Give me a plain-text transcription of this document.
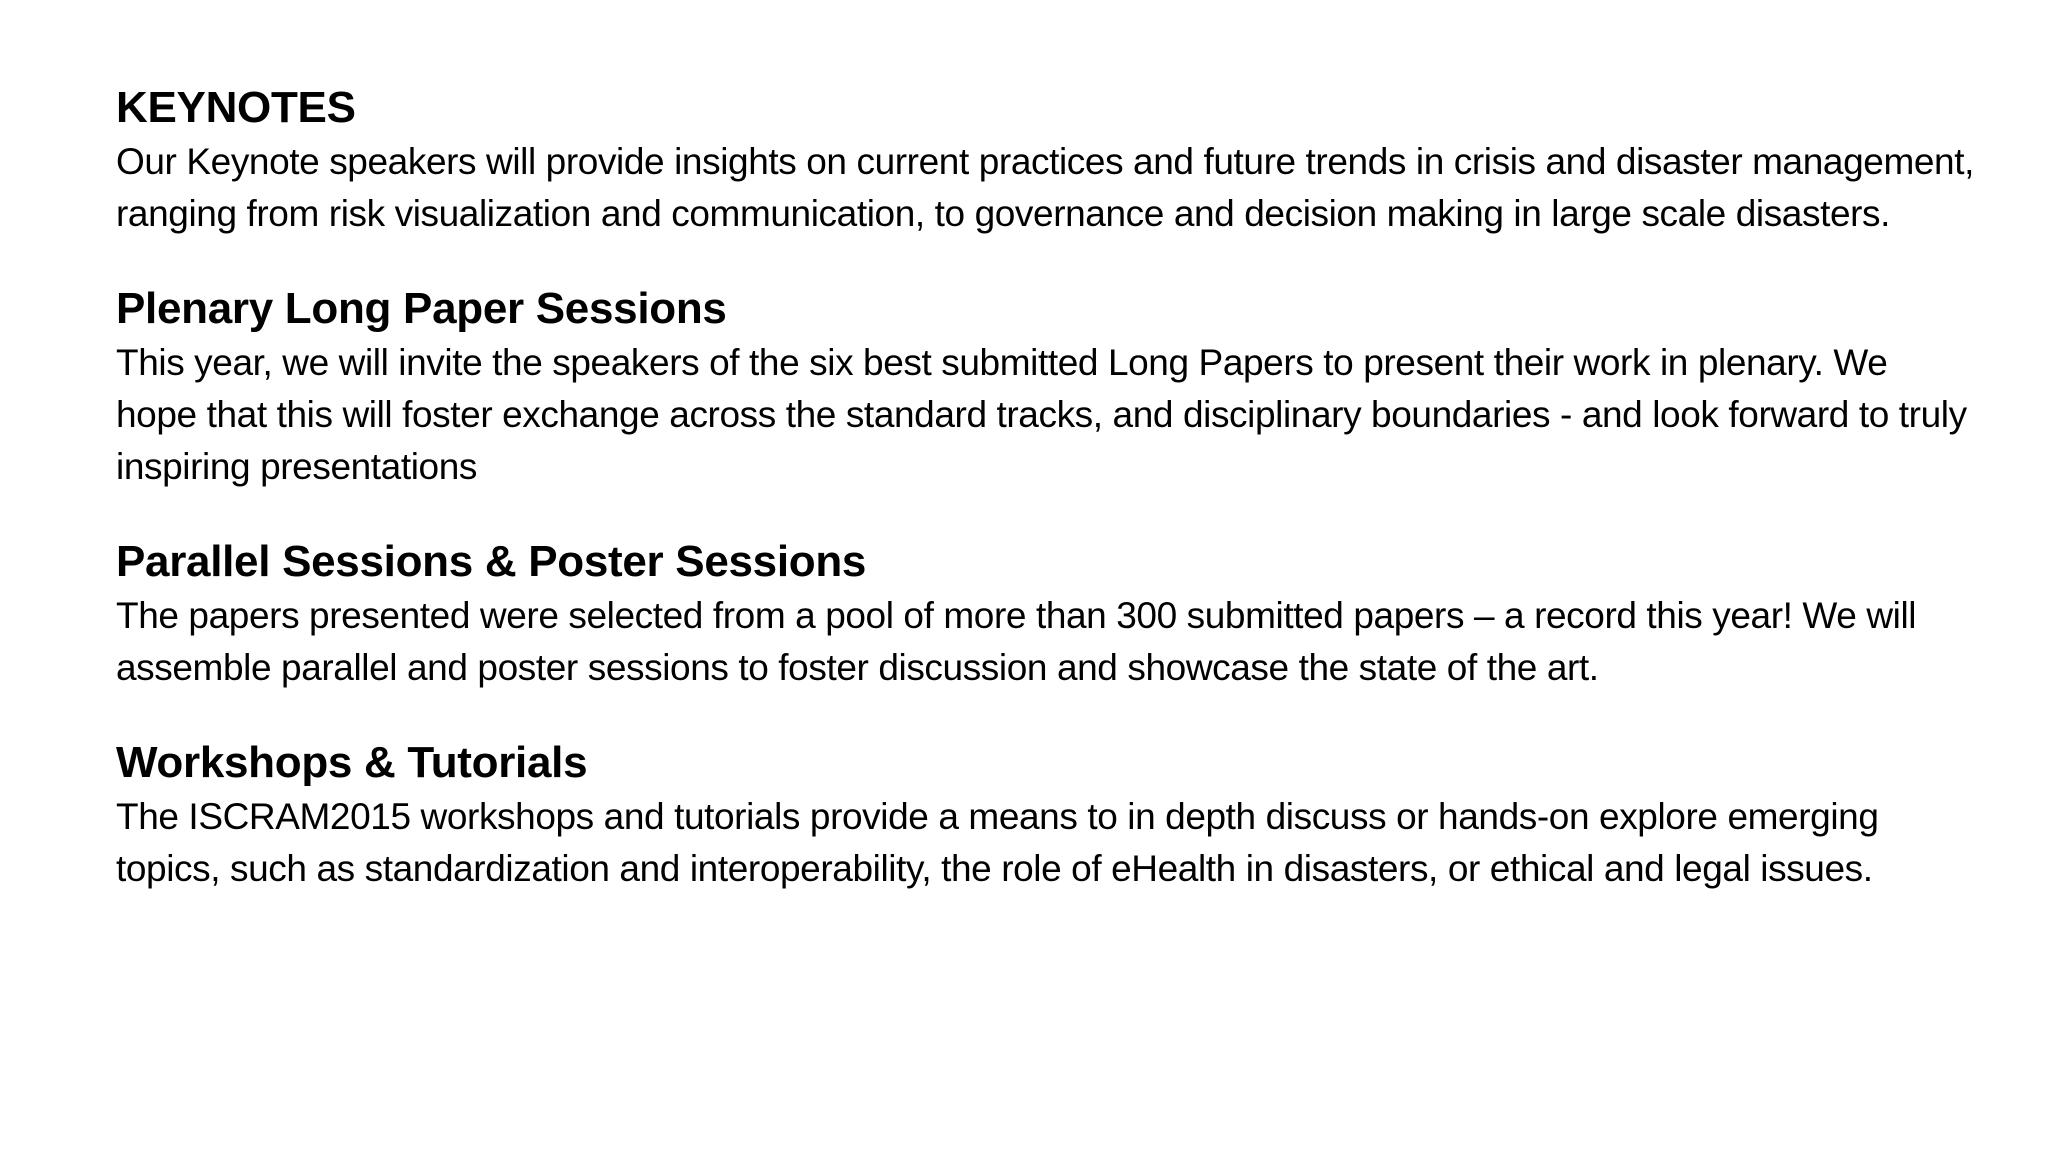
KEYNOTES

Our Keynote speakers will provide insights on current practices and future trends in crisis and disaster management, ranging from risk visualization and communication, to governance and decision making in large scale disasters.

Plenary Long Paper Sessions

This year, we will invite the speakers of the six best submitted Long Papers to present their work in plenary. We hope that this will foster exchange across the standard tracks, and disciplinary boundaries - and look forward to truly inspiring presentations

Parallel Sessions & Poster Sessions

The papers presented were selected from a pool of more than 300 submitted papers – a record this year! We will assemble parallel and poster sessions to foster discussion and showcase the state of the art.

Workshops & Tutorials

The ISCRAM2015 workshops and tutorials provide a means to in depth discuss or hands-on explore emerging topics, such as standardization and interoperability, the role of eHealth in disasters, or ethical and legal issues.
